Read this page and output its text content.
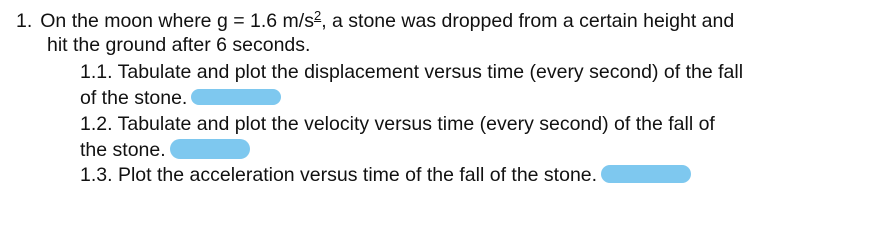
1. On the moon where g = 1.6 $m/s^2$, a stone was dropped from a certain height and
hit the ground after 6 seconds.
1.1. Tabulate and plot the displacement versus time (every second) of the fall
of the stone.
1.2. Tabulate and plot the velocity versus time (every second) of the fall of
the stone.
1.3. Plot the acceleration versus time of the fall of the stone.
